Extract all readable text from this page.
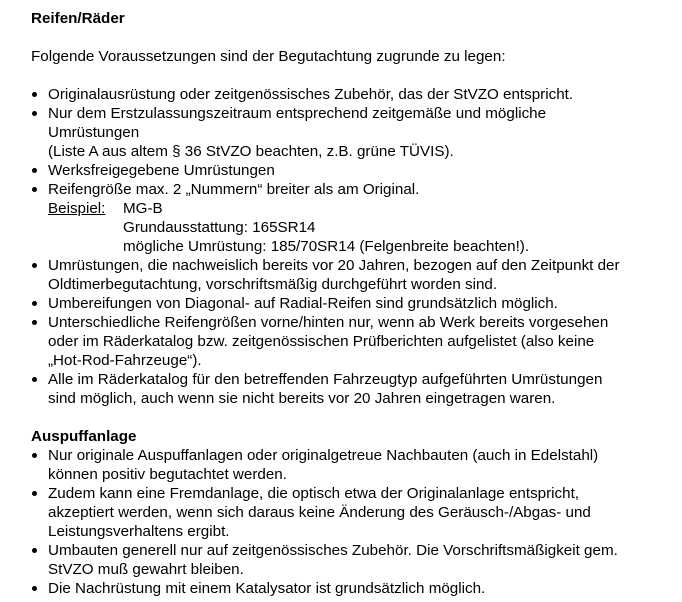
Reifen/Räder
Folgende Voraussetzungen sind der Begutachtung zugrunde zu legen:
Originalausrüstung oder zeitgenössisches Zubehör, das der StVZO entspricht.
Nur dem Erstzulassungszeitraum entsprechend zeitgemäße und mögliche
Umrüstungen
(Liste A aus altem § 36 StVZO beachten, z.B. grüne TÜVIS).
Werksfreigegebene Umrüstungen
Reifengröße max. 2 „Nummern“ breiter als am Original.
Beispiel:	MG-B
Grundausstattung: 165SR14
mögliche Umrüstung: 185/70SR14 (Felgenbreite beachten!).
Umrüstungen, die nachweislich bereits vor 20 Jahren, bezogen auf den Zeitpunkt der
Oldtimerbegutachtung, vorschriftsmäßig durchgeführt worden sind.
Umbereifungen von Diagonal- auf Radial-Reifen sind grundsätzlich möglich.
Unterschiedliche Reifengrößen vorne/hinten nur, wenn ab Werk bereits vorgesehen
oder im Räderkatalog bzw. zeitgenössischen Prüfberichten aufgelistet (also keine
„Hot-Rod-Fahrzeuge“).
Alle im Räderkatalog für den betreffenden Fahrzeugtyp aufgeführten Umrüstungen
sind möglich, auch wenn sie nicht bereits vor 20 Jahren eingetragen waren.
Auspuffanlage
Nur originale Auspuffanlagen oder originalgetreue Nachbauten (auch in Edelstahl)
können positiv begutachtet werden.
Zudem kann eine Fremdanlage, die optisch etwa der Originalanlage entspricht,
akzeptiert werden, wenn sich daraus keine Änderung des Geräusch-/Abgas- und
Leistungsverhaltens ergibt.
Umbauten generell nur auf zeitgenössisches Zubehör. Die Vorschriftsmäßigkeit gem.
StVZO muß gewahrt bleiben.
Die Nachrüstung mit einem Katalysator ist grundsätzlich möglich.
